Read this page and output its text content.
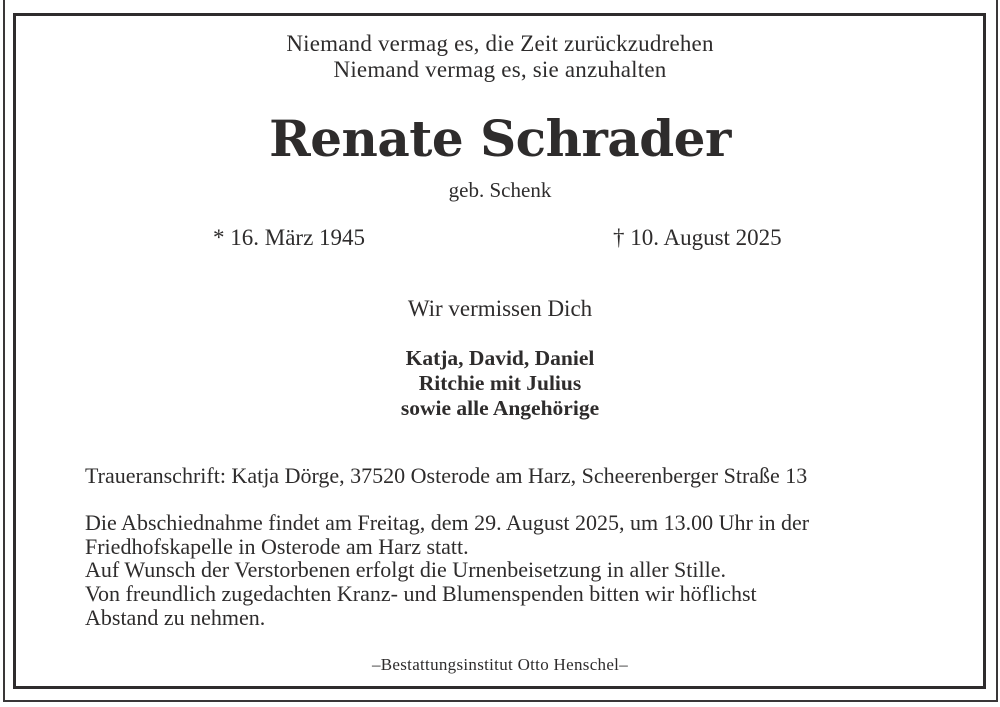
Niemand vermag es, die Zeit zurückzudrehen
Niemand vermag es, sie anzuhalten
Renate Schrader
geb. Schenk
* 16. März 1945	† 10. August 2025
Wir vermissen Dich
Katja, David, Daniel
Ritchie mit Julius
sowie alle Angehörige
Traueranschrift: Katja Dörge, 37520 Osterode am Harz, Scheerenberger Straße 13
Die Abschiednahme findet am Freitag, dem 29. August 2025, um 13.00 Uhr in der
Friedhofskapelle in Osterode am Harz statt.
Auf Wunsch der Verstorbenen erfolgt die Urnenbeisetzung in aller Stille.
Von freundlich zugedachten Kranz- und Blumenspenden bitten wir höflichst
Abstand zu nehmen.
–Bestattungsinstitut Otto Henschel–
